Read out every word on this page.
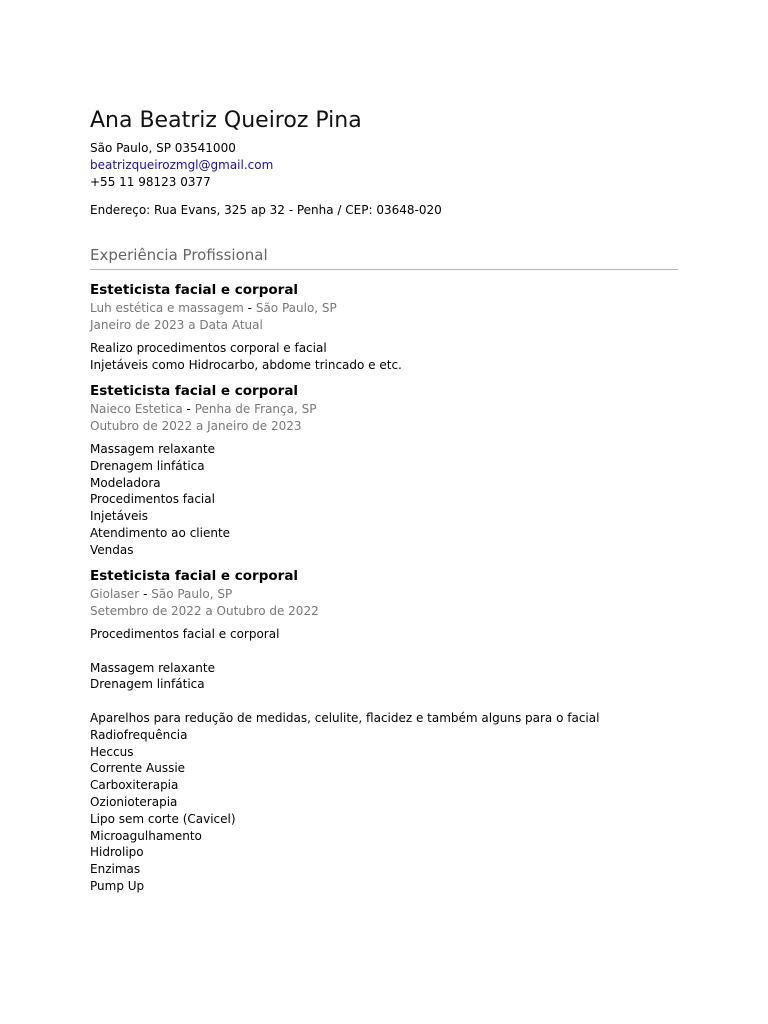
Ana Beatriz Queiroz Pina
São Paulo, SP 03541000
beatrizqueirozmgl@gmail.com
+55 11 98123 0377
Endereço: Rua Evans, 325 ap 32 - Penha / CEP: 03648-020
Experiência Profissional
Esteticista facial e corporal
Luh estética e massagem - São Paulo, SP
Janeiro de 2023 a Data Atual
Realizo procedimentos corporal e facial
Injetáveis como Hidrocarbo, abdome trincado e etc.
Esteticista facial e corporal
Naieco Estetica - Penha de França, SP
Outubro de 2022 a Janeiro de 2023
Massagem relaxante
Drenagem linfática
Modeladora
Procedimentos facial
Injetáveis
Atendimento ao cliente
Vendas
Esteticista facial e corporal
Giolaser - São Paulo, SP
Setembro de 2022 a Outubro de 2022
Procedimentos facial e corporal
Massagem relaxante
Drenagem linfática
Aparelhos para redução de medidas, celulite, flacidez e também alguns para o facial
Radiofrequência
Heccus
Corrente Aussie
Carboxiterapia
Ozionioterapia
Lipo sem corte (Cavicel)
Microagulhamento
Hidrolipo
Enzimas
Pump Up
